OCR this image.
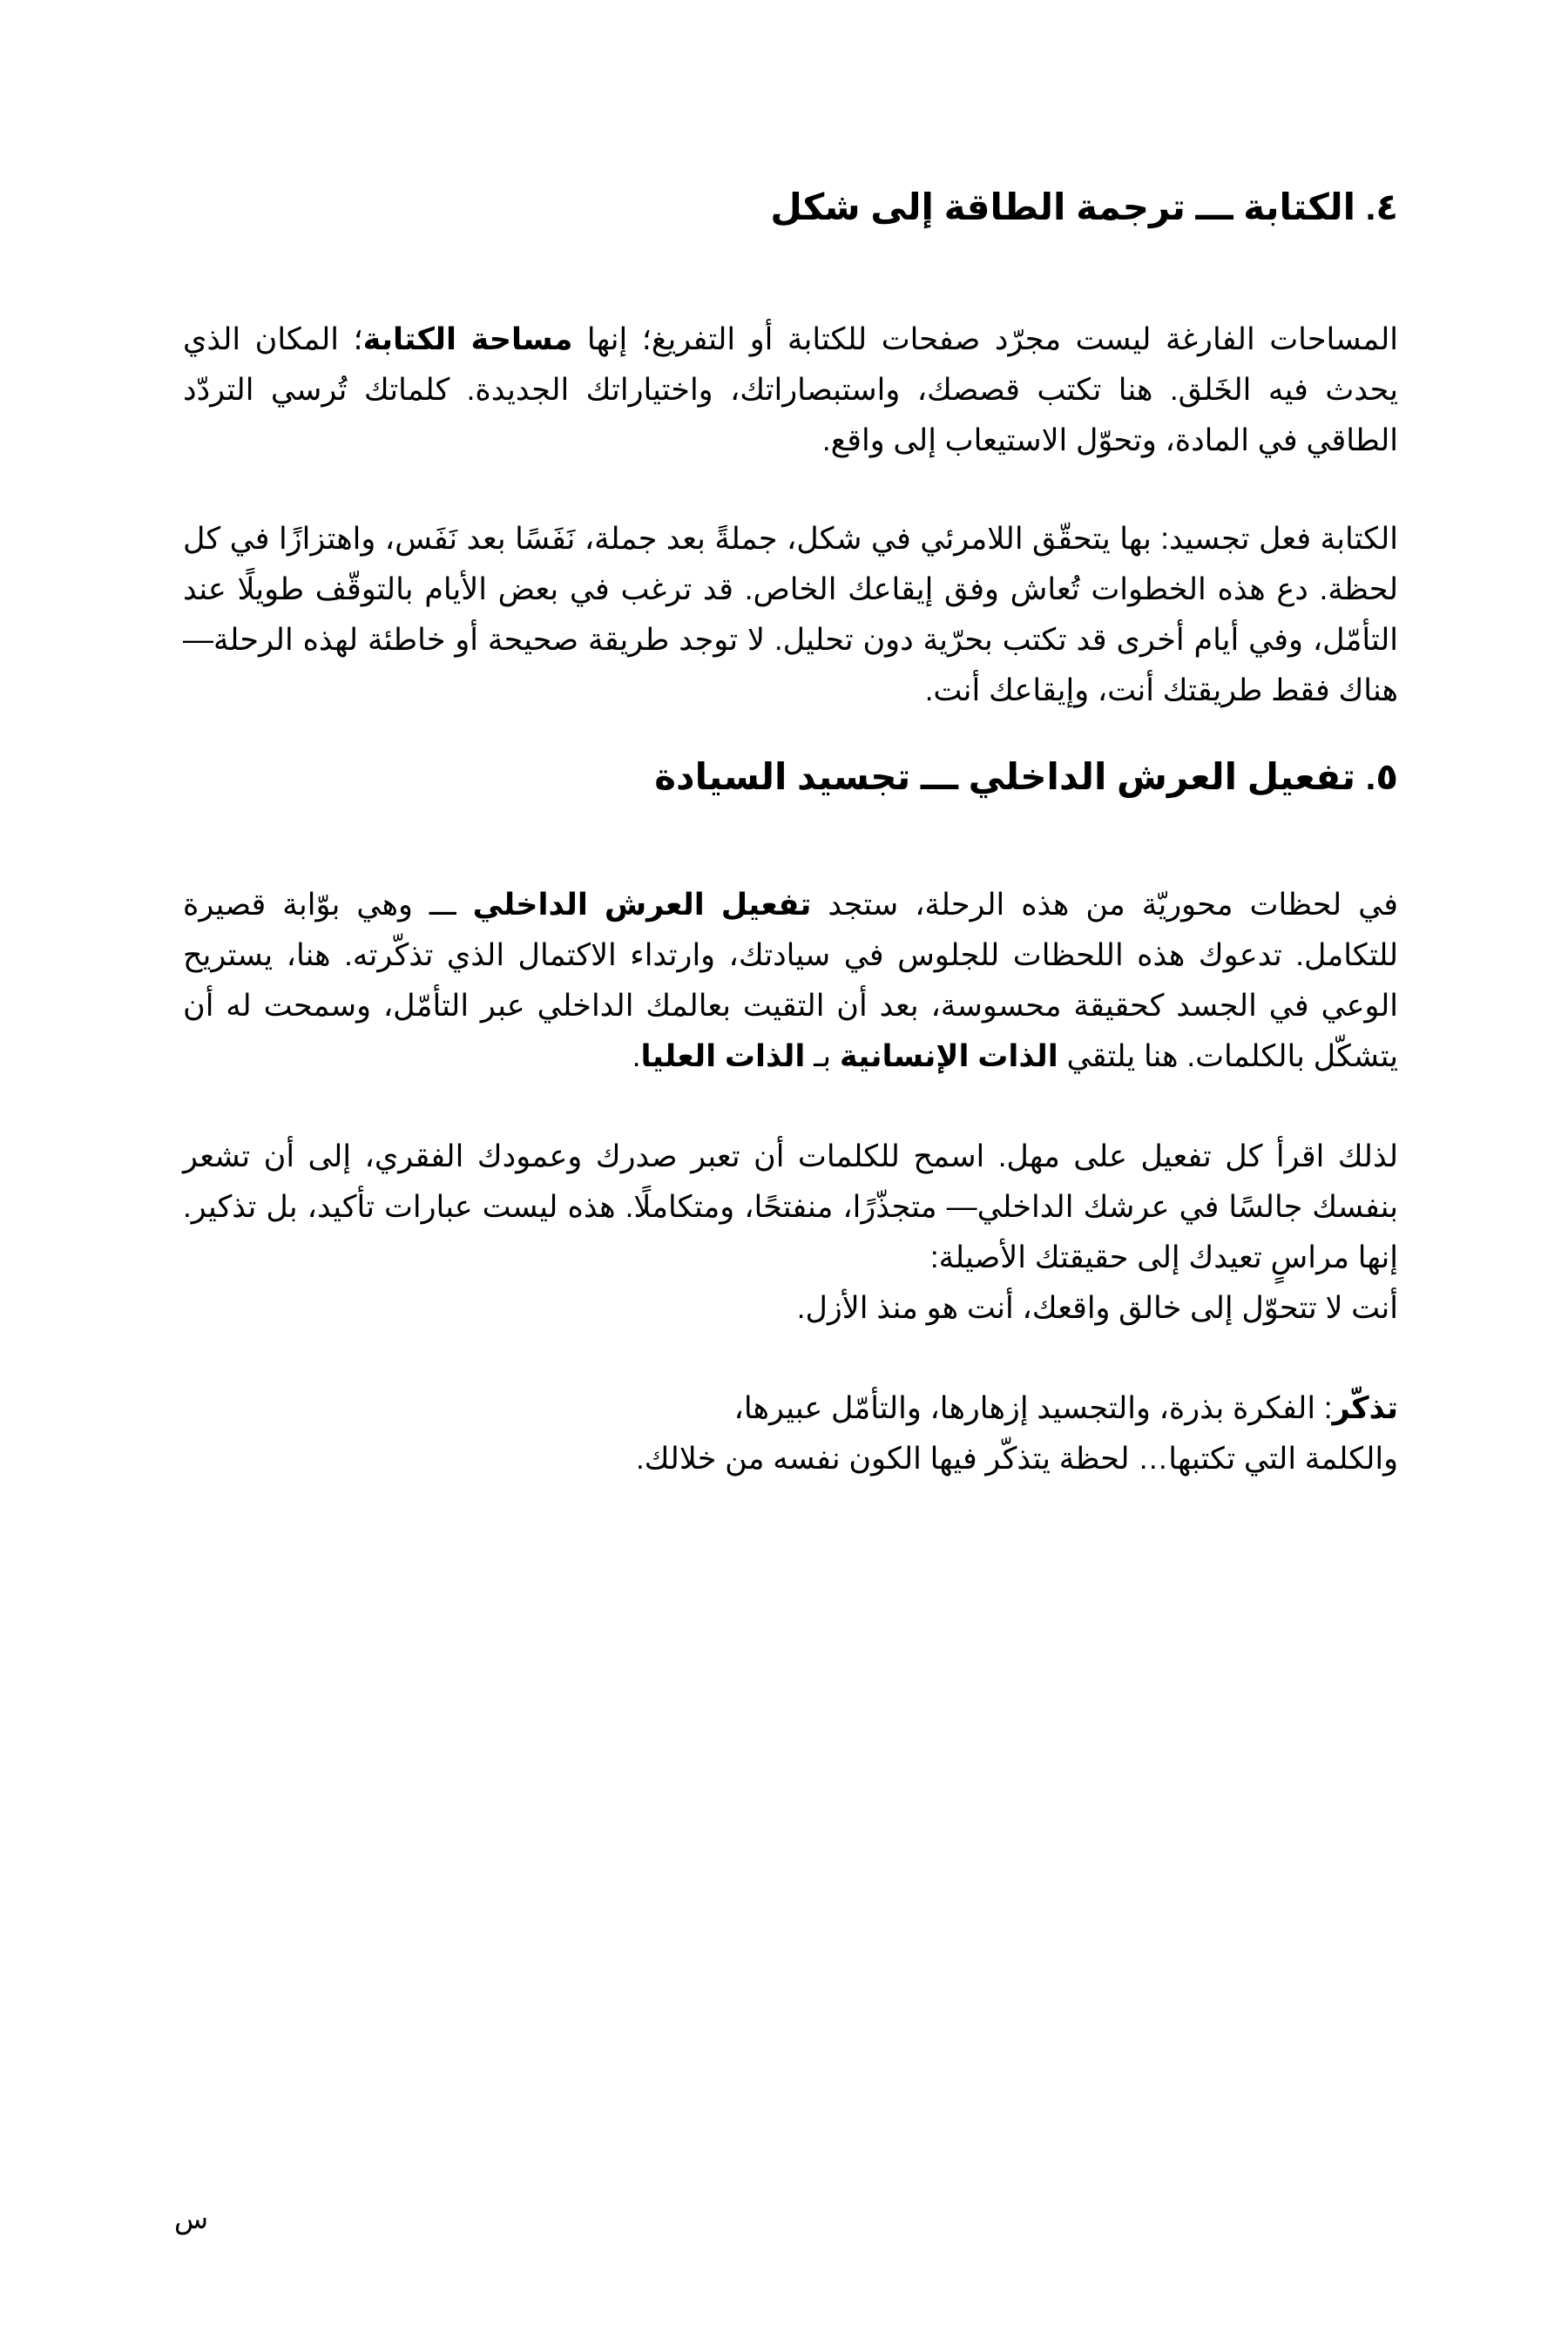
٤. الكتابة ـــ ترجمة الطاقة إلى شكل

المساحات الفارغة ليست مجرّد صفحات للكتابة أو التفريغ؛ إنها مساحة الكتابة؛ المكان الذي يحدث فيه الخَلق. هنا تكتب قصصك، واستبصاراتك، واختياراتك الجديدة. كلماتك تُرسي التردّد الطاقي في المادة، وتحوّل الاستيعاب إلى واقع.

الكتابة فعل تجسيد: بها يتحقّق اللامرئي في شكل، جملةً بعد جملة، نَفَسًا بعد نَفَس، واهتزازًا في كل لحظة. دع هذه الخطوات تُعاش وفق إيقاعك الخاص. قد ترغب في بعض الأيام بالتوقّف طويلًا عند التأمّل، وفي أيام أخرى قد تكتب بحرّية دون تحليل. لا توجد طريقة صحيحة أو خاطئة لهذه الرحلة—هناك فقط طريقتك أنت، وإيقاعك أنت.

٥. تفعيل العرش الداخلي ـــ تجسيد السيادة

في لحظات محوريّة من هذه الرحلة، ستجد تفعيل العرش الداخلي ـــ وهي بوّابة قصيرة للتكامل. تدعوك هذه اللحظات للجلوس في سيادتك، وارتداء الاكتمال الذي تذكّرته. هنا، يستريح الوعي في الجسد كحقيقة محسوسة، بعد أن التقيت بعالمك الداخلي عبر التأمّل، وسمحت له أن يتشكّل بالكلمات. هنا يلتقي الذات الإنسانية بـ الذات العليا.

لذلك اقرأ كل تفعيل على مهل. اسمح للكلمات أن تعبر صدرك وعمودك الفقري، إلى أن تشعر بنفسك جالسًا في عرشك الداخلي— متجذّرًا، منفتحًا، ومتكاملًا. هذه ليست عبارات تأكيد، بل تذكير. إنها مراسٍ تعيدك إلى حقيقتك الأصيلة:
أنت لا تتحوّل إلى خالق واقعك، أنت هو منذ الأزل.

تذكّر: الفكرة بذرة، والتجسيد إزهارها، والتأمّل عبيرها،
والكلمة التي تكتبها… لحظة يتذكّر فيها الكون نفسه من خلالك.

س
